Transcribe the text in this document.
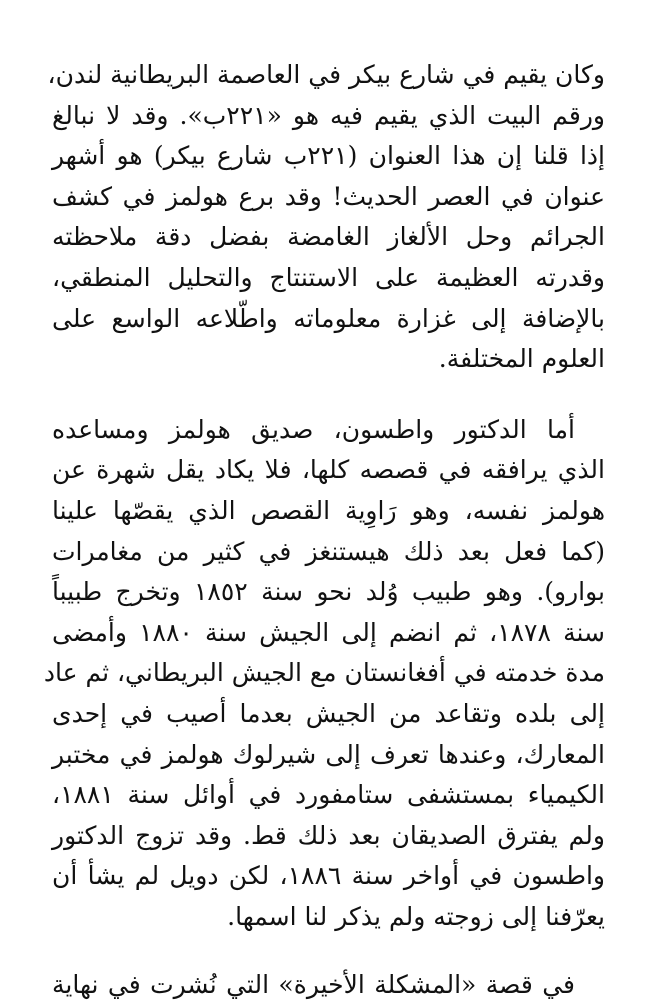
وكان يقيم في شارع بيكر في العاصمة البريطانية لندن،
ورقم البيت الذي يقيم فيه هو «٢٢١ب». وقد لا نبالغ
إذا قلنا إن هذا العنوان (٢٢١ب شارع بيكر) هو أشهر
عنوان في العصر الحديث! وقد برع هولمز في كشف
الجرائم وحل الألغاز الغامضة بفضل دقة ملاحظته
وقدرته العظيمة على الاستنتاج والتحليل المنطقي،
بالإضافة إلى غزارة معلوماته واطّلاعه الواسع على
العلوم المختلفة.
أما الدكتور واطسون، صديق هولمز ومساعده
الذي يرافقه في قصصه كلها، فلا يكاد يقل شهرة عن
هولمز نفسه، وهو رَاوِية القصص الذي يقصّها علينا
(كما فعل بعد ذلك هيستنغز في كثير من مغامرات
بوارو). وهو طبيب وُلد نحو سنة ١٨٥٢ وتخرج طبيباً
سنة ١٨٧٨، ثم انضم إلى الجيش سنة ١٨٨٠ وأمضى
مدة خدمته في أفغانستان مع الجيش البريطاني، ثم عاد
إلى بلده وتقاعد من الجيش بعدما أصيب في إحدى
المعارك، وعندها تعرف إلى شيرلوك هولمز في مختبر
الكيمياء بمستشفى ستامفورد في أوائل سنة ١٨٨١،
ولم يفترق الصديقان بعد ذلك قط. وقد تزوج الدكتور
واطسون في أواخر سنة ١٨٨٦، لكن دويل لم يشأ أن
يعرّفنا إلى زوجته ولم يذكر لنا اسمها.
في قصة «المشكلة الأخيرة» التي نُشرت في نهاية
